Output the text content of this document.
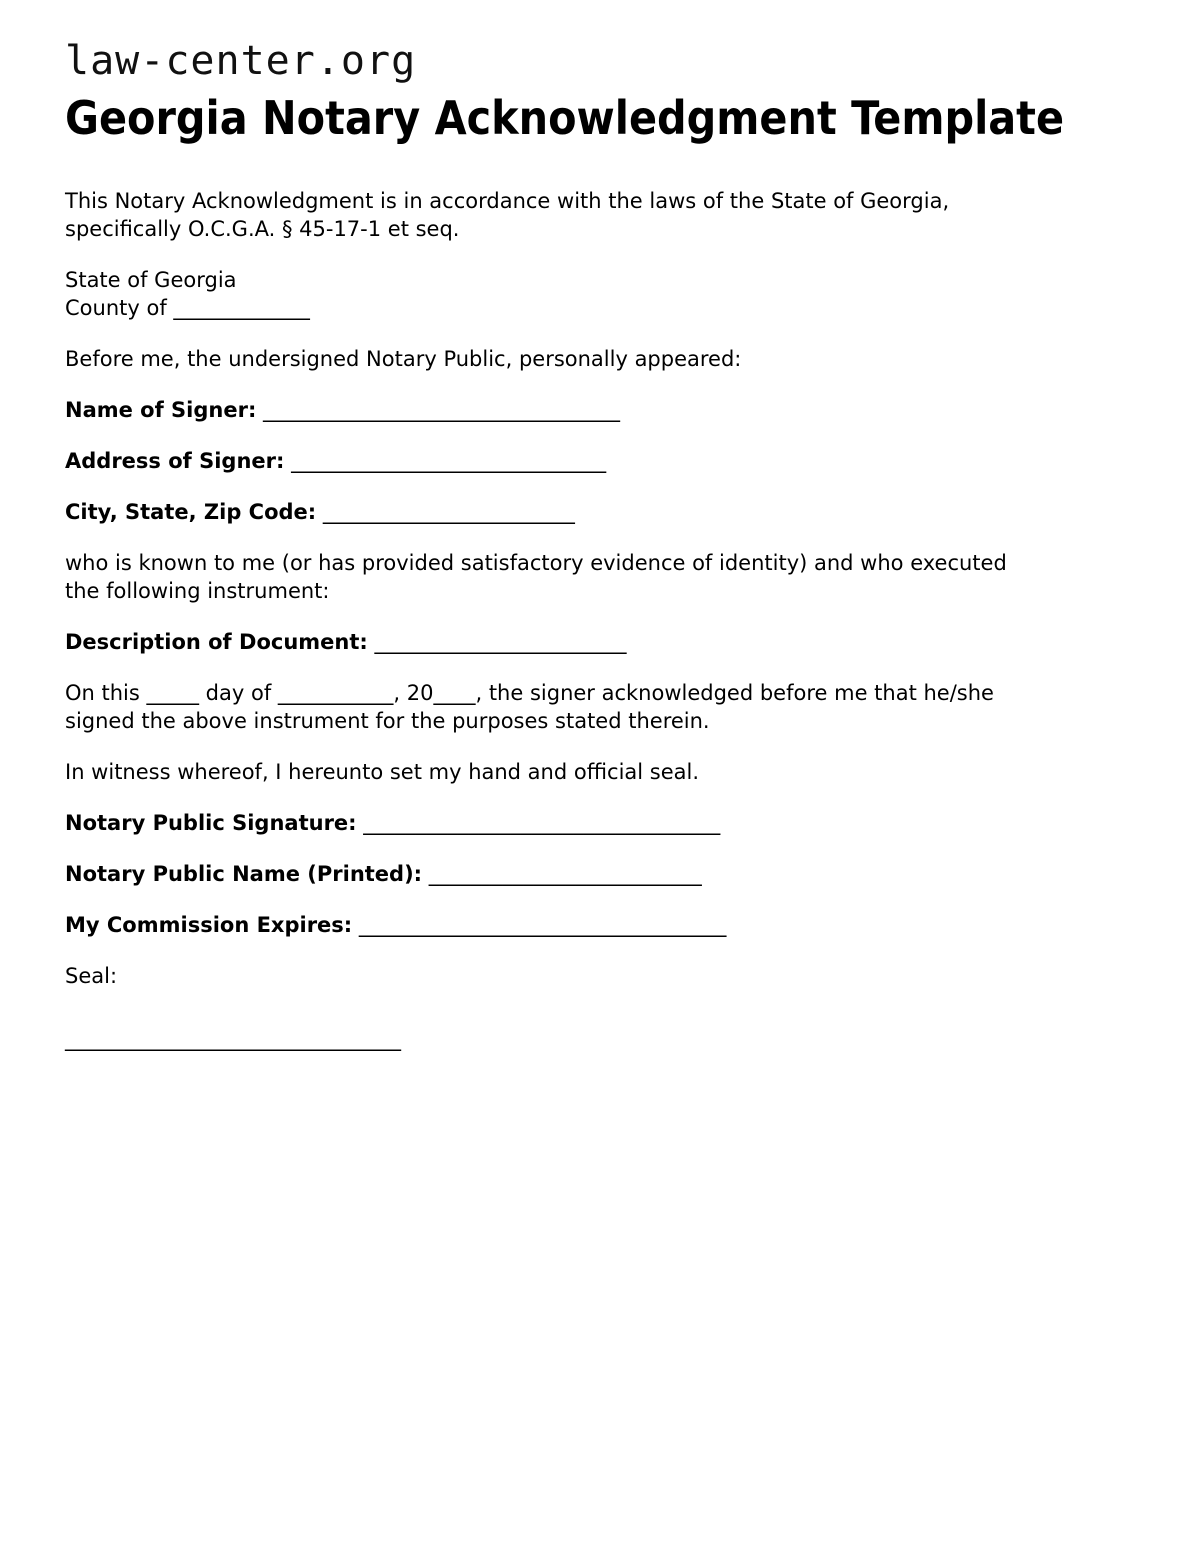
law-center.org
Georgia Notary Acknowledgment Template

This Notary Acknowledgment is in accordance with the laws of the State of Georgia,
specifically O.C.G.A. § 45-17-1 et seq.

State of Georgia
County of _____________

Before me, the undersigned Notary Public, personally appeared:

Name of Signer: __________________________________

Address of Signer: ______________________________

City, State, Zip Code: ________________________

who is known to me (or has provided satisfactory evidence of identity) and who executed
the following instrument:

Description of Document: ________________________

On this _____ day of ___________, 20____, the signer acknowledged before me that he/she
signed the above instrument for the purposes stated therein.

In witness whereof, I hereunto set my hand and official seal.

Notary Public Signature: __________________________________

Notary Public Name (Printed): __________________________

My Commission Expires: ___________________________________

Seal:

________________________________
